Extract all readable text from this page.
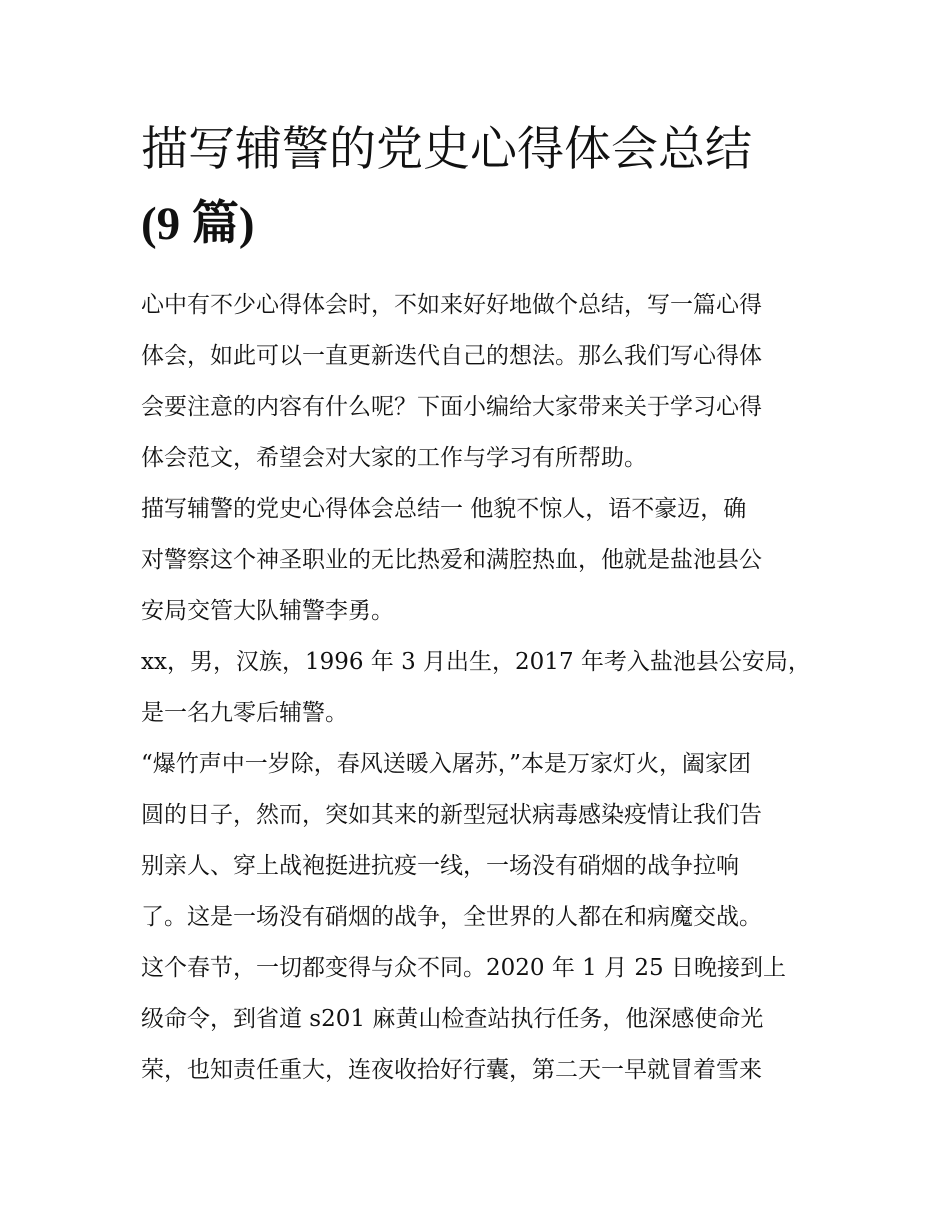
描写辅警的党史心得体会总结
(9 篇)
心中有不少心得体会时，不如来好好地做个总结，写一篇心得
体会，如此可以一直更新迭代自己的想法。那么我们写心得体
会要注意的内容有什么呢？下面小编给大家带来关于学习心得
体会范文，希望会对大家的工作与学习有所帮助。
描写辅警的党史心得体会总结一 他貌不惊人，语不豪迈，确
对警察这个神圣职业的无比热爱和满腔热血，他就是盐池县公
安局交管大队辅警李勇。
xx，男，汉族，1996 年 3 月出生，2017 年考入盐池县公安局，
是一名九零后辅警。
“爆竹声中一岁除，春风送暖入屠苏，”本是万家灯火，阖家团
圆的日子，然而，突如其来的新型冠状病毒感染疫情让我们告
别亲人、穿上战袍挺进抗疫一线，一场没有硝烟的战争拉响
了。这是一场没有硝烟的战争，全世界的人都在和病魔交战。
这个春节，一切都变得与众不同。2020 年 1 月 25 日晚接到上
级命令，到省道 s201 麻黄山检查站执行任务，他深感使命光
荣，也知责任重大，连夜收拾好行囊，第二天一早就冒着雪来
